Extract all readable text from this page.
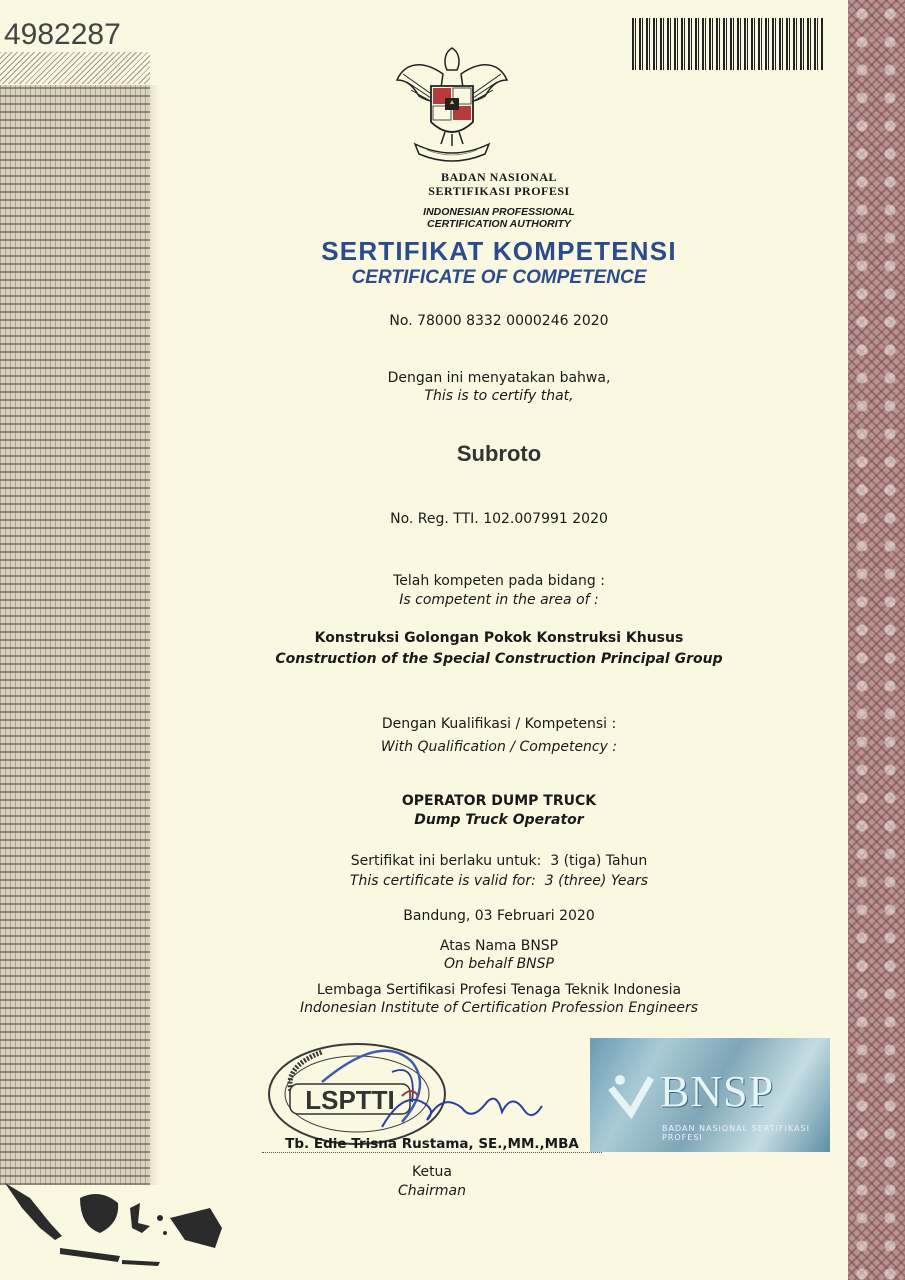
4982287
BADAN NASIONAL
SERTIFIKASI PROFESI
INDONESIAN PROFESSIONAL
CERTIFICATION AUTHORITY
SERTIFIKAT KOMPETENSI
CERTIFICATE OF COMPETENCE
No. 78000 8332 0000246 2020
Dengan ini menyatakan bahwa,
This is to certify that,
Subroto
No. Reg. TTI. 102.007991 2020
Telah kompeten pada bidang :
Is competent in the area of :
Konstruksi Golongan Pokok Konstruksi Khusus
Construction of the Special Construction Principal Group
Dengan Kualifikasi / Kompetensi :
With Qualification / Competency :
OPERATOR DUMP TRUCK
Dump Truck Operator
Sertifikat ini berlaku untuk:  3 (tiga) Tahun
This certificate is valid for:  3 (three) Years
Bandung, 03 Februari 2020
Atas Nama BNSP
On behalf BNSP
Lembaga Sertifikasi Profesi Tenaga Teknik Indonesia
Indonesian Institute of Certification Profession Engineers
LSPTTI	BNSP
BADAN NASIONAL SERTIFIKASI PROFESI
Tb. Edie Trisna Rustama, SE.,MM.,MBA
Ketua
Chairman
